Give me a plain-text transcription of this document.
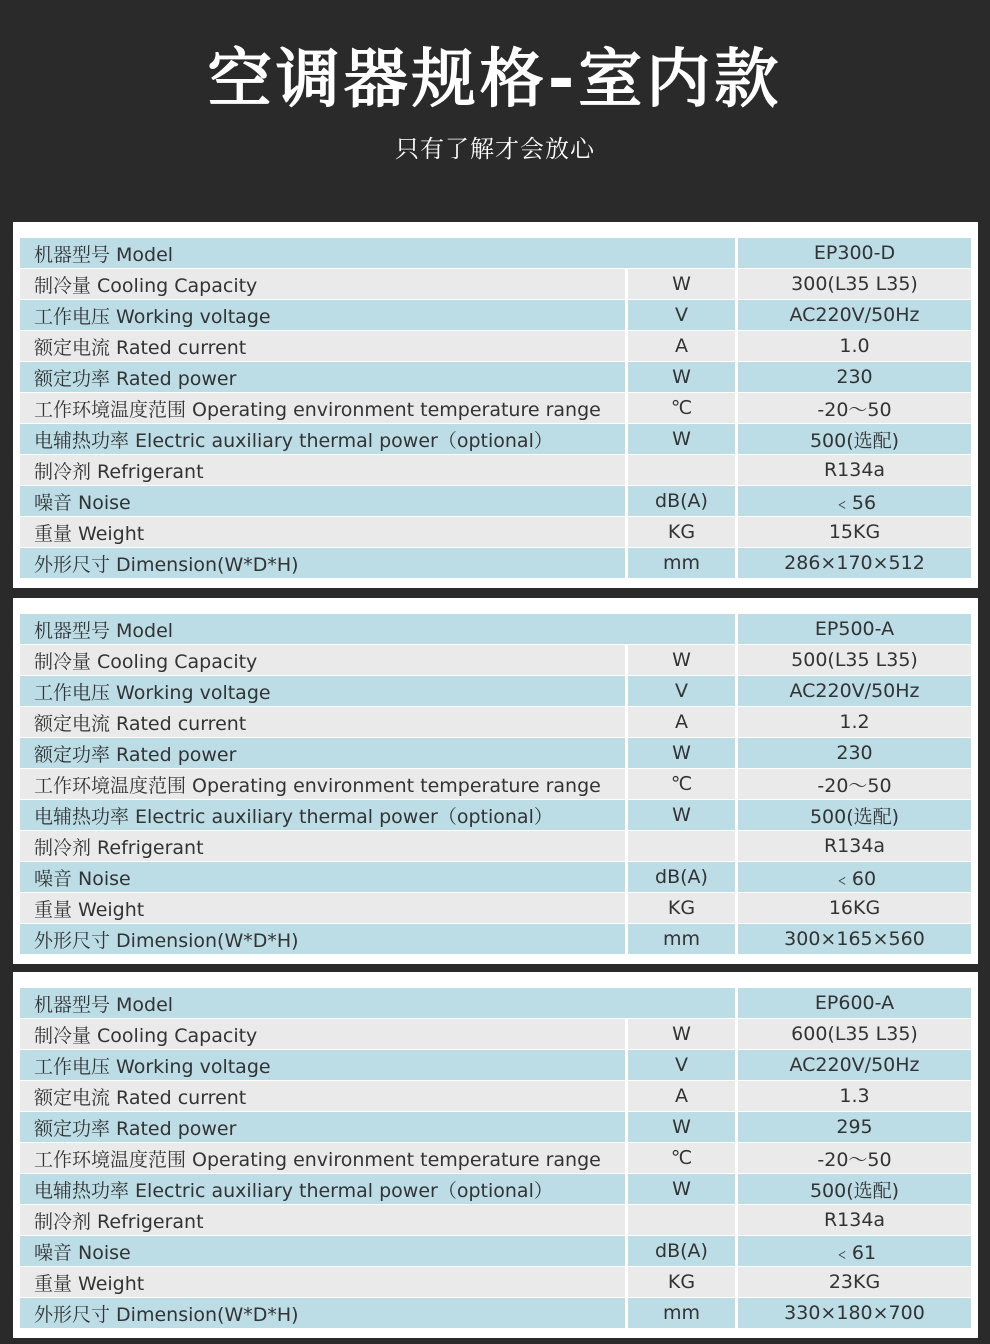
空调器规格-室内款
只有了解才会放心
机器型号 Model		EP300-D
制冷量 Cooling Capacity	W	300(L35 L35)
工作电压 Working voltage	V	AC220V/50Hz
额定电流 Rated current	A	1.0
额定功率 Rated power	W	230
工作环境温度范围 Operating environment temperature range	℃	-20～50
电辅热功率 Electric auxiliary thermal power（optional）	W	500(选配)
制冷剂 Refrigerant		R134a
噪音 Noise	dB(A)	﹤56
重量 Weight	KG	15KG
外形尺寸 Dimension(W*D*H)	mm	286×170×512
机器型号 Model		EP500-A
制冷量 Cooling Capacity	W	500(L35 L35)
工作电压 Working voltage	V	AC220V/50Hz
额定电流 Rated current	A	1.2
额定功率 Rated power	W	230
工作环境温度范围 Operating environment temperature range	℃	-20～50
电辅热功率 Electric auxiliary thermal power（optional）	W	500(选配)
制冷剂 Refrigerant		R134a
噪音 Noise	dB(A)	﹤60
重量 Weight	KG	16KG
外形尺寸 Dimension(W*D*H)	mm	300×165×560
机器型号 Model		EP600-A
制冷量 Cooling Capacity	W	600(L35 L35)
工作电压 Working voltage	V	AC220V/50Hz
额定电流 Rated current	A	1.3
额定功率 Rated power	W	295
工作环境温度范围 Operating environment temperature range	℃	-20～50
电辅热功率 Electric auxiliary thermal power（optional）	W	500(选配)
制冷剂 Refrigerant		R134a
噪音 Noise	dB(A)	﹤61
重量 Weight	KG	23KG
外形尺寸 Dimension(W*D*H)	mm	330×180×700
